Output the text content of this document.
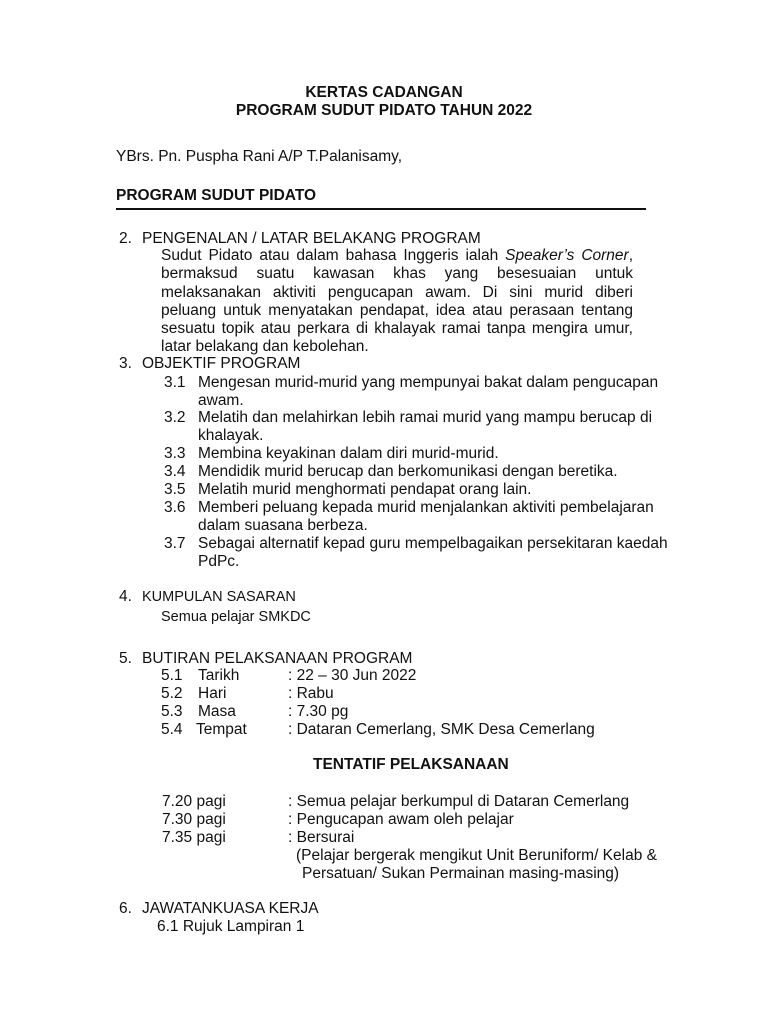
KERTAS CADANGAN
PROGRAM SUDUT PIDATO TAHUN 2022
YBrs. Pn. Puspha Rani A/P T.Palanisamy,
PROGRAM SUDUT PIDATO
2. PENGENALAN / LATAR BELAKANG PROGRAM
Sudut Pidato atau dalam bahasa Inggeris ialah Speaker’s Corner, bermaksud suatu kawasan khas yang besesuaian untuk melaksanakan aktiviti pengucapan awam. Di sini murid diberi peluang untuk menyatakan pendapat, idea atau perasaan tentang sesuatu topik atau perkara di khalayak ramai tanpa mengira umur, latar belakang dan kebolehan.
3. OBJEKTIF PROGRAM
3.1 Mengesan murid-murid yang mempunyai bakat dalam pengucapan awam.
3.2 Melatih dan melahirkan lebih ramai murid yang mampu berucap di khalayak.
3.3 Membina keyakinan dalam diri murid-murid.
3.4 Mendidik murid berucap dan berkomunikasi dengan beretika.
3.5 Melatih murid menghormati pendapat orang lain.
3.6 Memberi peluang kepada murid menjalankan aktiviti pembelajaran dalam suasana berbeza.
3.7 Sebagai alternatif kepad guru mempelbagaikan persekitaran kaedah PdPc.
4. KUMPULAN SASARAN
Semua pelajar SMKDC
5. BUTIRAN PELAKSANAAN PROGRAM
5.1 Tarikh	: 22 – 30 Jun 2022
5.2 Hari	: Rabu
5.3 Masa	: 7.30 pg
5.4 Tempat	: Dataran Cemerlang, SMK Desa Cemerlang
TENTATIF PELAKSANAAN
7.20 pagi	: Semua pelajar berkumpul di Dataran Cemerlang
7.30 pagi	: Pengucapan awam oleh pelajar
7.35 pagi	: Bersurai
(Pelajar bergerak mengikut Unit Beruniform/ Kelab &
Persatuan/ Sukan Permainan masing-masing)
6. JAWATANKUASA KERJA
6.1 Rujuk Lampiran 1
